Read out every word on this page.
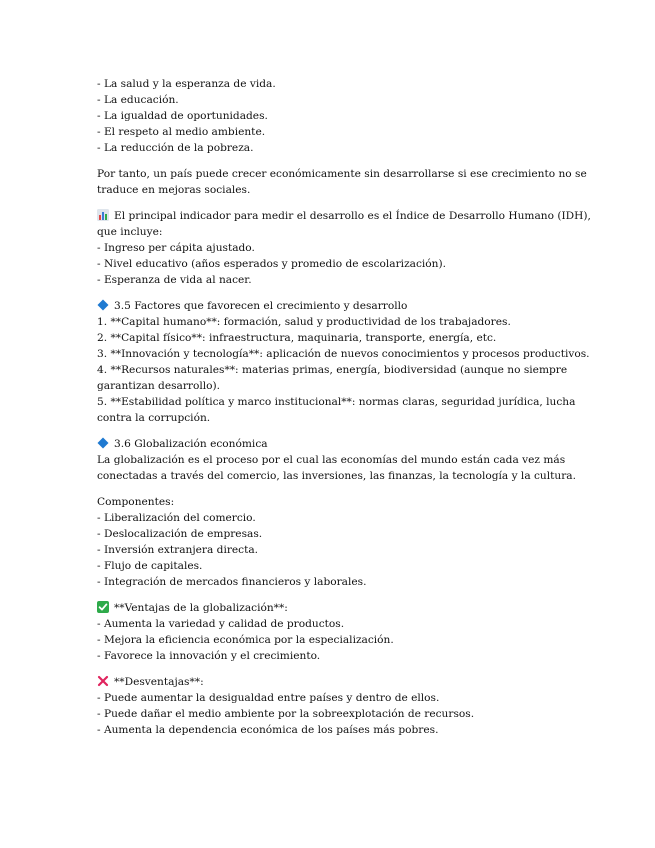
- La salud y la esperanza de vida.
- La educación.
- La igualdad de oportunidades.
- El respeto al medio ambiente.
- La reducción de la pobreza.
Por tanto, un país puede crecer económicamente sin desarrollarse si ese crecimiento no se
traduce en mejoras sociales.
El principal indicador para medir el desarrollo es el Índice de Desarrollo Humano (IDH),
que incluye:
- Ingreso per cápita ajustado.
- Nivel educativo (años esperados y promedio de escolarización).
- Esperanza de vida al nacer.
3.5 Factores que favorecen el crecimiento y desarrollo
1. **Capital humano**: formación, salud y productividad de los trabajadores.
2. **Capital físico**: infraestructura, maquinaria, transporte, energía, etc.
3. **Innovación y tecnología**: aplicación de nuevos conocimientos y procesos productivos.
4. **Recursos naturales**: materias primas, energía, biodiversidad (aunque no siempre
garantizan desarrollo).
5. **Estabilidad política y marco institucional**: normas claras, seguridad jurídica, lucha
contra la corrupción.
3.6 Globalización económica
La globalización es el proceso por el cual las economías del mundo están cada vez más
conectadas a través del comercio, las inversiones, las finanzas, la tecnología y la cultura.
Componentes:
- Liberalización del comercio.
- Deslocalización de empresas.
- Inversión extranjera directa.
- Flujo de capitales.
- Integración de mercados financieros y laborales.
**Ventajas de la globalización**:
- Aumenta la variedad y calidad de productos.
- Mejora la eficiencia económica por la especialización.
- Favorece la innovación y el crecimiento.
**Desventajas**:
- Puede aumentar la desigualdad entre países y dentro de ellos.
- Puede dañar el medio ambiente por la sobreexplotación de recursos.
- Aumenta la dependencia económica de los países más pobres.
